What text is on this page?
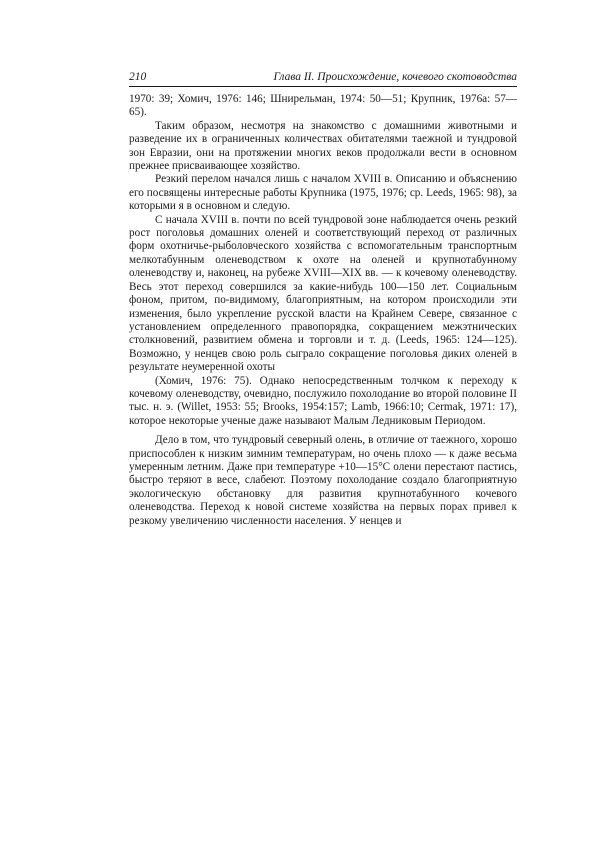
210	Глава II. Происхождение, кочевого скотоводства

1970: 39; Хомич, 1976: 146; Шнирельман, 1974: 50—51; Крупник, 1976а: 57—65).

Таким образом, несмотря на знакомство с домашними животными и разведение их в ограниченных количествах обитателями таежной и тундровой зон Евразии, они на протяжении многих веков продолжали вести в основном прежнее присваивающее хозяйство.

Резкий перелом начался лишь с началом XVIII в. Описанию и объяснению его посвящены интересные работы Крупника (1975, 1976; ср. Leeds, 1965: 98), за которыми я в основном и следую.

С начала XVIII в. почти по всей тундровой зоне наблюдается очень резкий рост поголовья домашних оленей и соответствующий переход от различных форм охотничье-рыболовческого хозяйства с вспомогательным транспортным мелкотабунным оленеводством к охоте на оленей и крупнотабунному оленеводству и, наконец, на рубеже XVIII—XIX вв. — к кочевому оленеводству. Весь этот переход совершился за какие-нибудь 100—150 лет. Социальным фоном, притом, по-видимому, благоприятным, на котором происходили эти изменения, было укрепление русской власти на Крайнем Севере, связанное с установлением определенного правопорядка, сокращением межэтнических столкновений, развитием обмена и торговли и т. д. (Leeds, 1965: 124—125). Возможно, у ненцев свою роль сыграло сокращение поголовья диких оленей в результате неумеренной охоты

(Хомич, 1976: 75). Однако непосредственным толчком к переходу к кочевому оленеводству, очевидно, послужило похолодание во второй половине II тыс. н. э. (Willet, 1953: 55; Brooks, 1954:157; Lamb, 1966:10; Cermak, 1971: 17), которое некоторые ученые даже называют Малым Ледниковым Периодом.

Дело в том, что тундровый северный олень, в отличие от таежного, хорошо приспособлен к низким зимним температурам, но очень плохо — к даже весьма умеренным летним. Даже при температуре +10—15°С олени перестают пастись, быстро теряют в весе, слабеют. Поэтому похолодание создало благоприятную экологическую обстановку для развития крупнотабунного кочевого оленеводства. Переход к новой системе хозяйства на первых порах привел к резкому увеличению численности населения. У ненцев и
